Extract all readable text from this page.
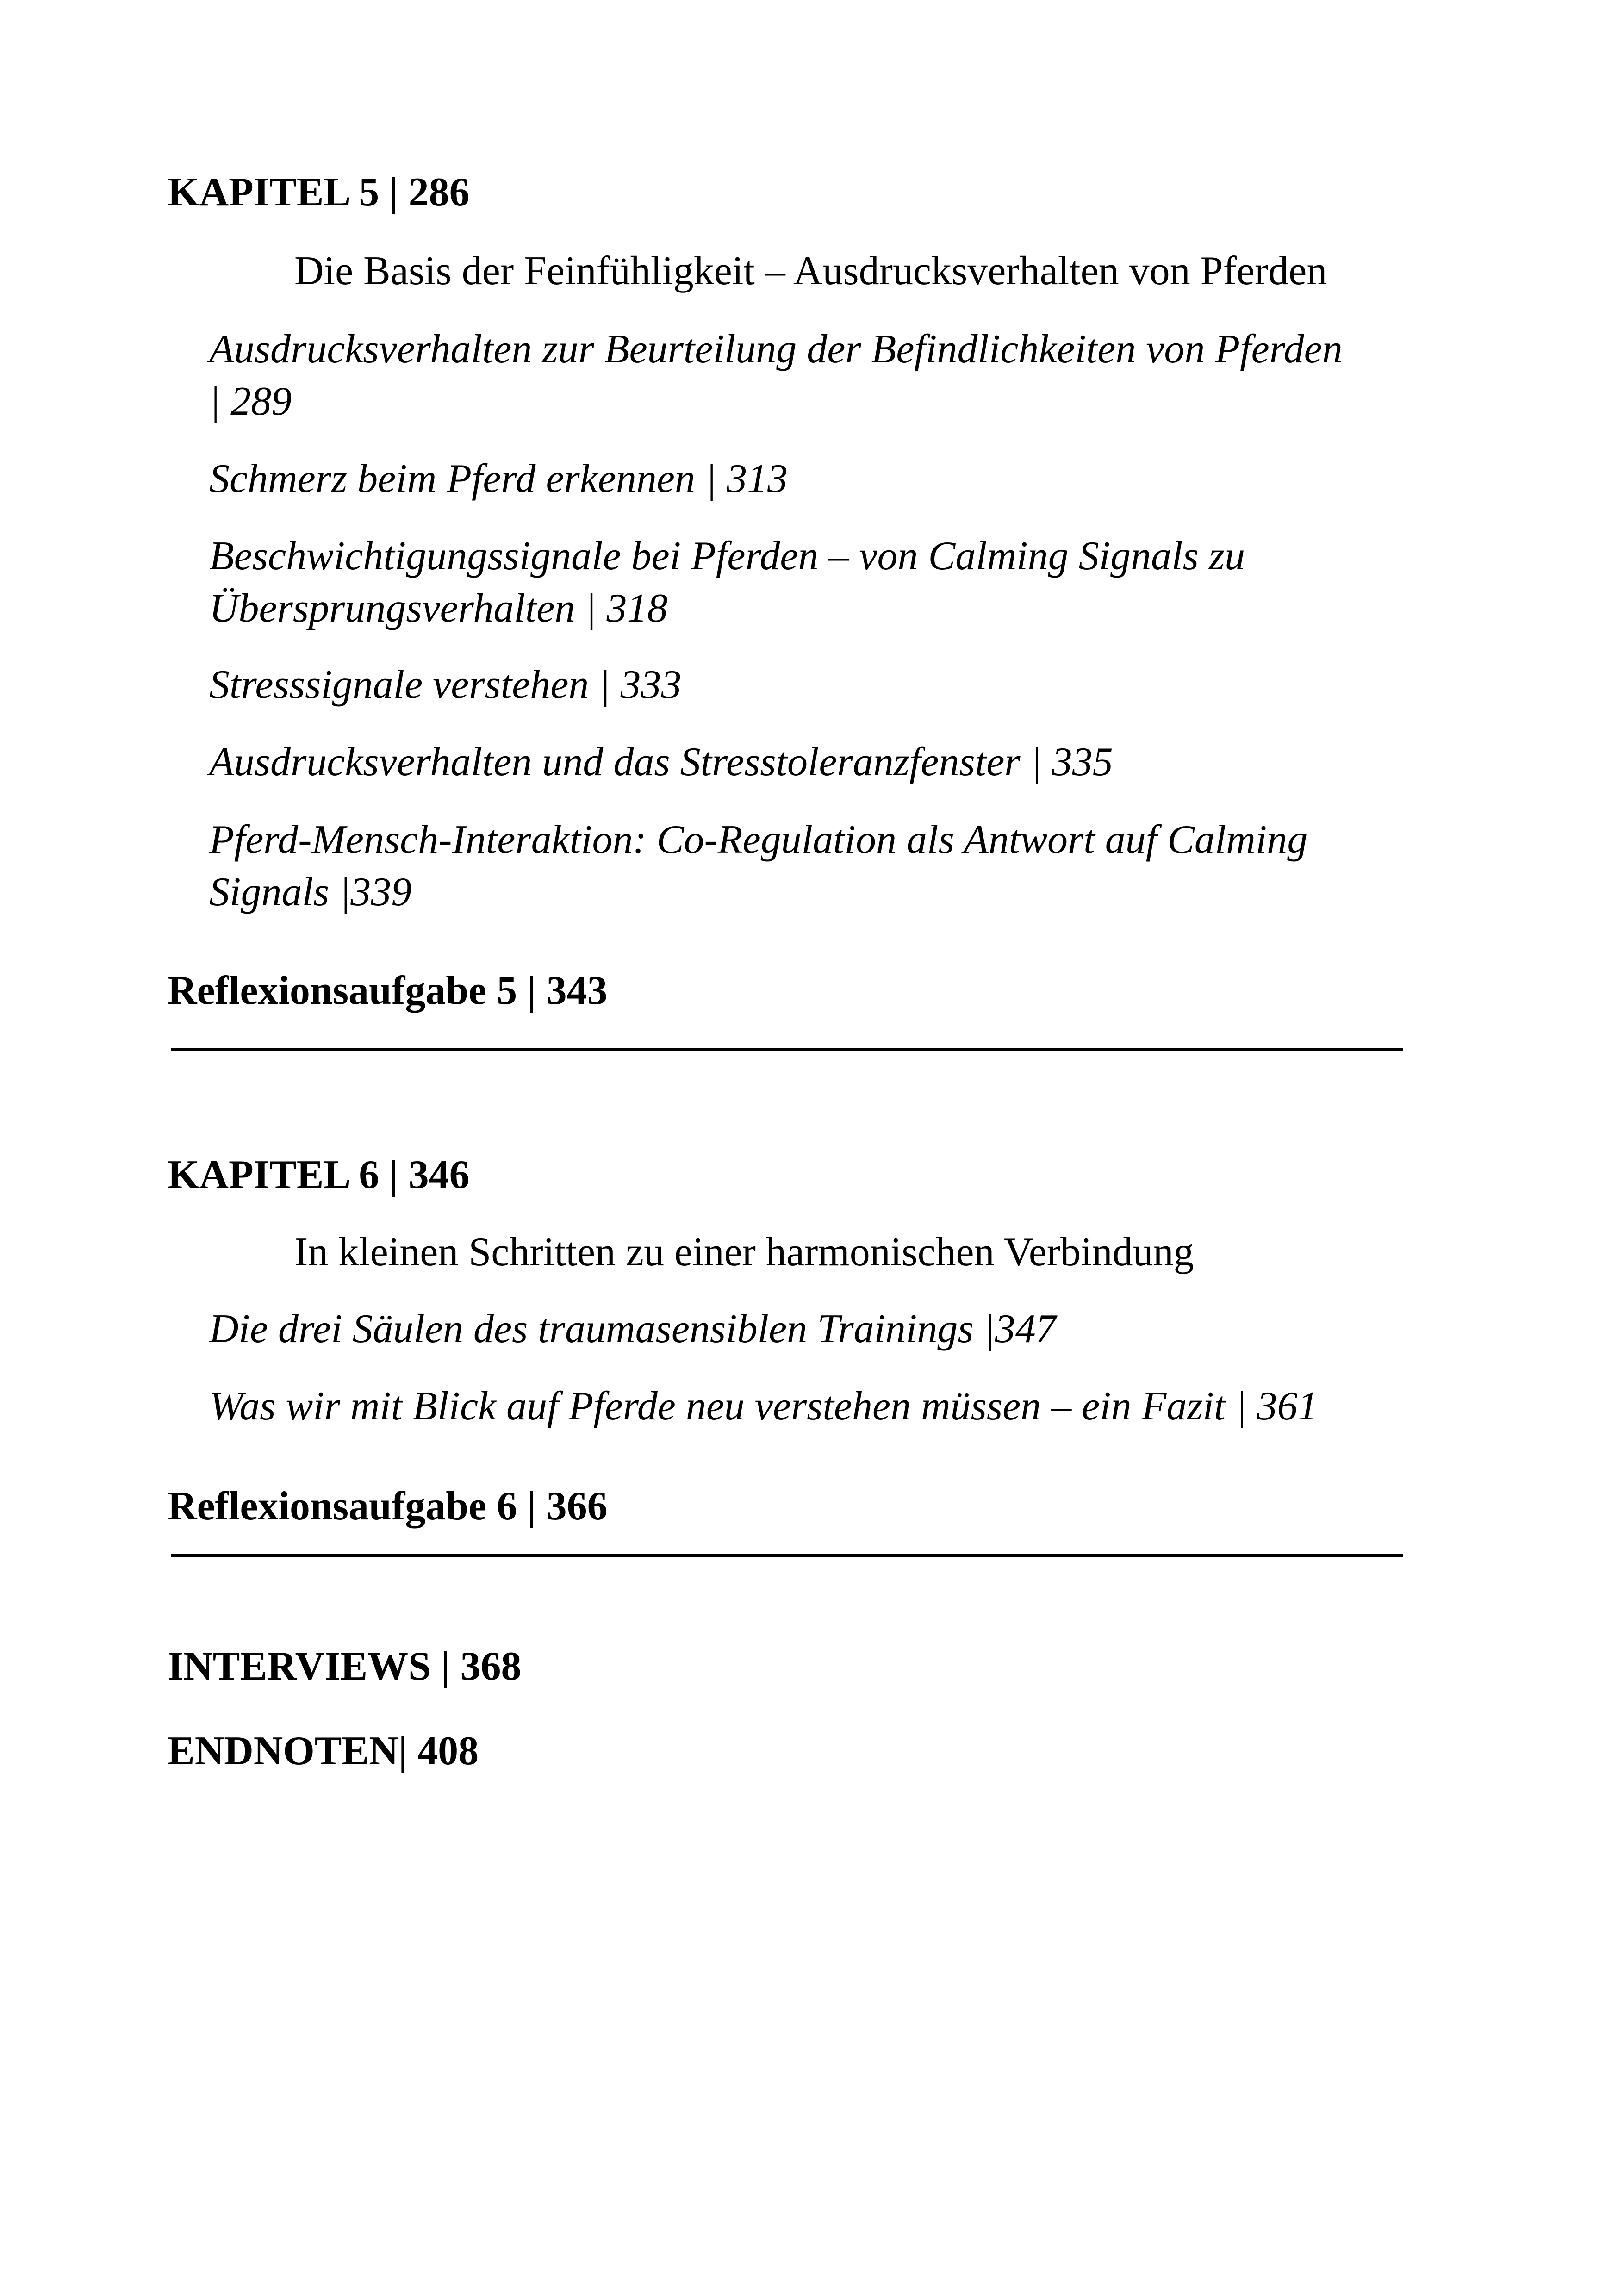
KAPITEL 5 | 286
Die Basis der Feinfühligkeit – Ausdrucksverhalten von Pferden
Ausdrucksverhalten zur Beurteilung der Befindlichkeiten von Pferden
| 289
Schmerz beim Pferd erkennen | 313
Beschwichtigungssignale bei Pferden – von Calming Signals zu
Übersprungsverhalten | 318
Stresssignale verstehen | 333
Ausdrucksverhalten und das Stresstoleranzfenster | 335
Pferd-Mensch-Interaktion: Co-Regulation als Antwort auf Calming
Signals |339
Reflexionsaufgabe 5 | 343
KAPITEL 6 | 346
In kleinen Schritten zu einer harmonischen Verbindung
Die drei Säulen des traumasensiblen Trainings |347
Was wir mit Blick auf Pferde neu verstehen müssen – ein Fazit | 361
Reflexionsaufgabe 6 | 366
INTERVIEWS | 368
ENDNOTEN| 408
